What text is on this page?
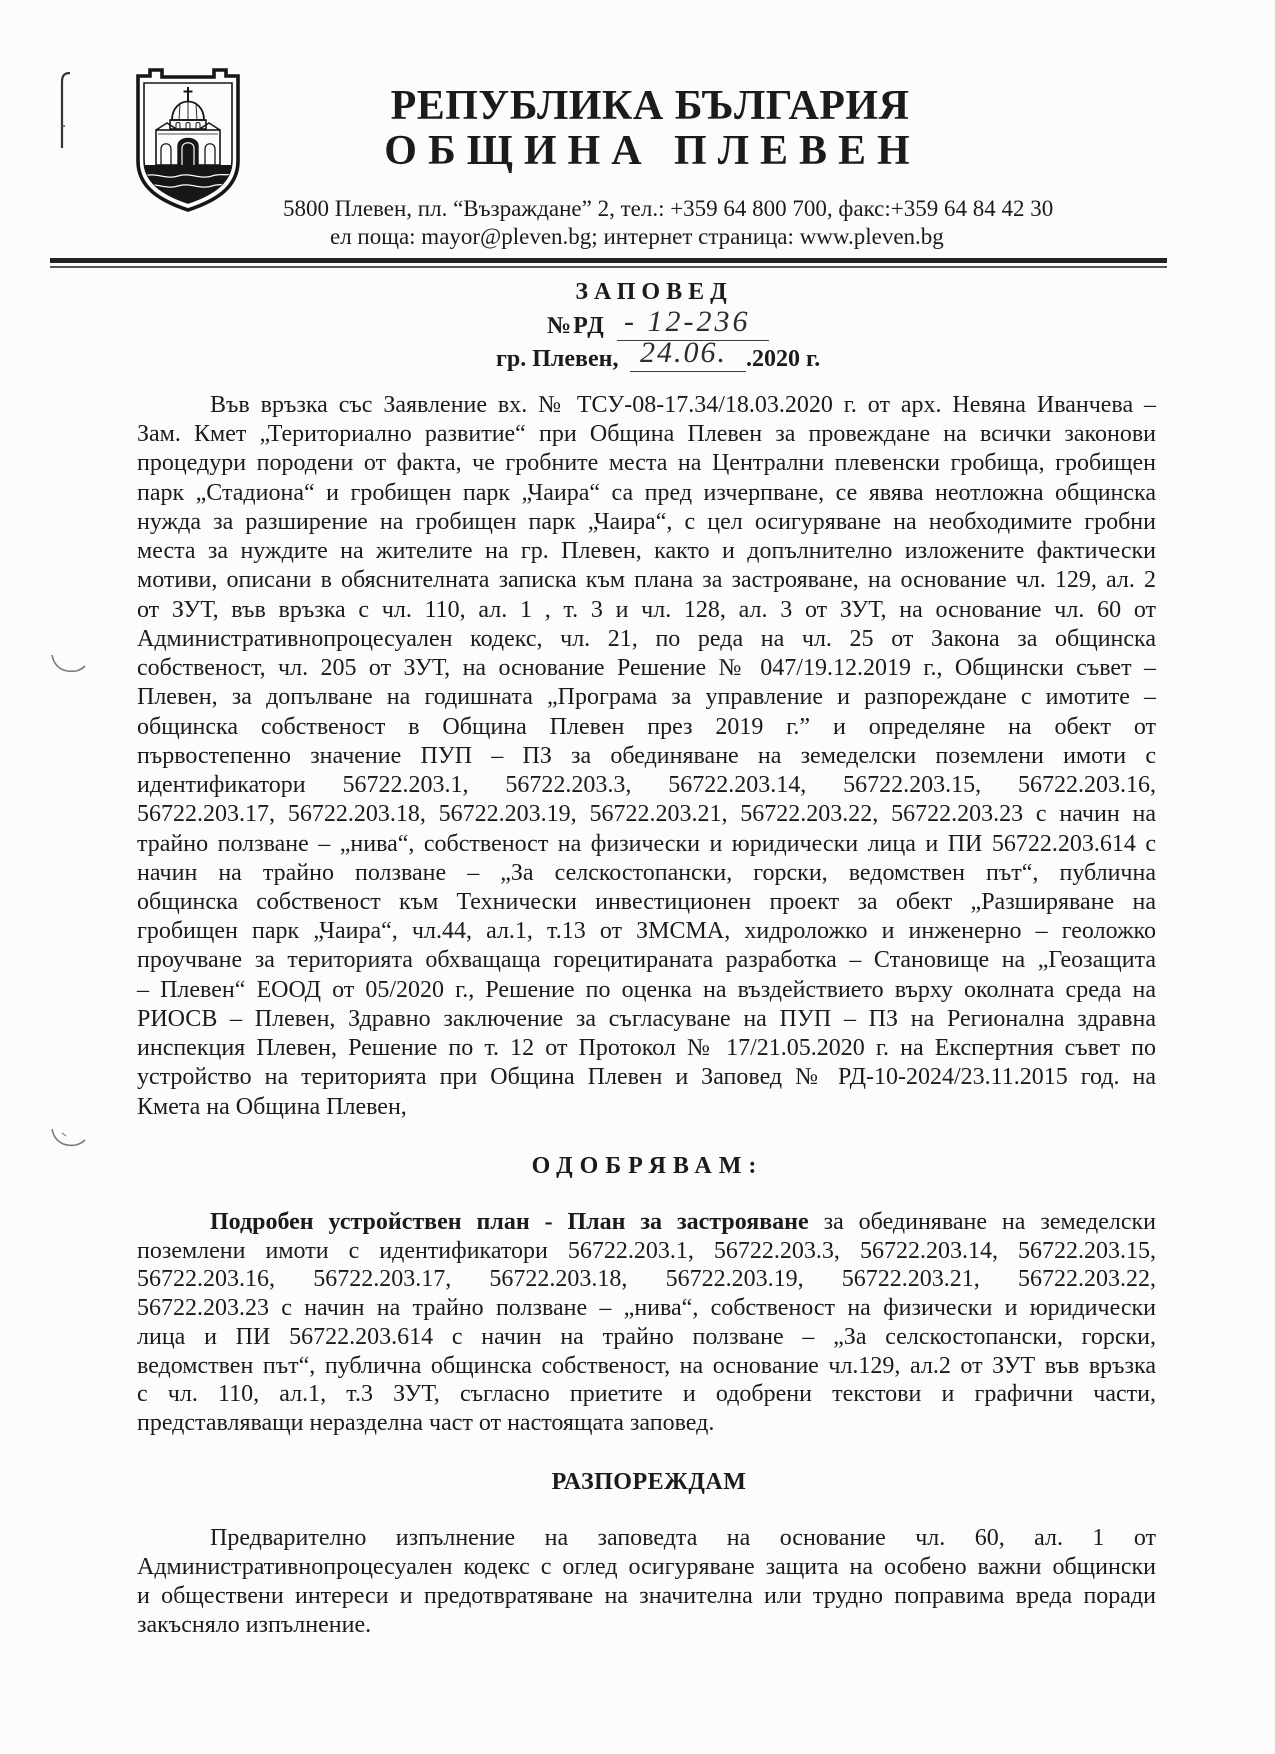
РЕПУБЛИКА БЪЛГАРИЯ
ОБЩИНА ПЛЕВЕН
5800 Плевен, пл. “Възраждане” 2, тел.: +359 64 800 700, факс:+359 64 84 42 30
ел поща: mayor@pleven.bg; интернет страница: www.pleven.bg
ЗАПОВЕД
№РД - 12-236
гр. Плевен, 24.06. .2020 г.
Във връзка със Заявление вх. № ТСУ-08-17.34/18.03.2020 г. от арх. Невяна Иванчева –
Зам. Кмет „Териториално развитие“ при Община Плевен за провеждане на всички законови
процедури породени от факта, че гробните места на Централни плевенски гробища, гробищен
парк „Стадиона“ и гробищен парк „Чаира“ са пред изчерпване, се явява неотложна общинска
нужда за разширение на гробищен парк „Чаира“, с цел осигуряване на необходимите гробни
места за нуждите на жителите на гр. Плевен, както и допълнително изложените фактически
мотиви, описани в обяснителната записка към плана за застрояване, на основание чл. 129, ал. 2
от ЗУТ, във връзка с чл. 110, ал. 1 , т. 3 и чл. 128, ал. 3 от ЗУТ, на основание чл. 60 от
Административнопроцесуален кодекс, чл. 21, по реда на чл. 25 от Закона за общинска
собственост, чл. 205 от ЗУТ, на основание Решение № 047/19.12.2019 г., Общински съвет –
Плевен, за допълване на годишната „Програма за управление и разпореждане с имотите –
общинска собственост в Община Плевен през 2019 г.” и определяне на обект от
първостепенно значение ПУП – ПЗ за обединяване на земеделски поземлени имоти с
идентификатори 56722.203.1, 56722.203.3, 56722.203.14, 56722.203.15, 56722.203.16,
56722.203.17, 56722.203.18, 56722.203.19, 56722.203.21, 56722.203.22, 56722.203.23 с начин на
трайно ползване – „нива“, собственост на физически и юридически лица и ПИ 56722.203.614 с
начин на трайно ползване – „За селскостопански, горски, ведомствен път“, публична
общинска собственост към Технически инвестиционен проект за обект „Разширяване на
гробищен парк „Чаира“, чл.44, ал.1, т.13 от ЗМСМА, хидроложко и инженерно – геоложко
проучване за територията обхващаща горецитираната разработка – Становище на „Геозащита
– Плевен“ ЕООД от 05/2020 г., Решение по оценка на въздействието върху околната среда на
РИОСВ – Плевен, Здравно заключение за съгласуване на ПУП – ПЗ на Регионална здравна
инспекция Плевен, Решение по т. 12 от Протокол № 17/21.05.2020 г. на Експертния съвет по
устройство на територията при Община Плевен и Заповед № РД-10-2024/23.11.2015 год. на
Кмета на Община Плевен,
ОДОБРЯВАМ:
Подробен устройствен план - План за застрояване за обединяване на земеделски
поземлени имоти с идентификатори 56722.203.1, 56722.203.3, 56722.203.14, 56722.203.15,
56722.203.16, 56722.203.17, 56722.203.18, 56722.203.19, 56722.203.21, 56722.203.22,
56722.203.23 с начин на трайно ползване – „нива“, собственост на физически и юридически
лица и ПИ 56722.203.614 с начин на трайно ползване – „За селскостопански, горски,
ведомствен път“, публична общинска собственост, на основание чл.129, ал.2 от ЗУТ във връзка
с чл. 110, ал.1, т.3 ЗУТ, съгласно приетите и одобрени текстови и графични части,
представляващи неразделна част от настоящата заповед.
РАЗПОРЕЖДАМ
Предварително изпълнение на заповедта на основание чл. 60, ал. 1 от
Административнопроцесуален кодекс с оглед осигуряване защита на особено важни общински
и обществени интереси и предотвратяване на значителна или трудно поправима вреда поради
закъсняло изпълнение.
